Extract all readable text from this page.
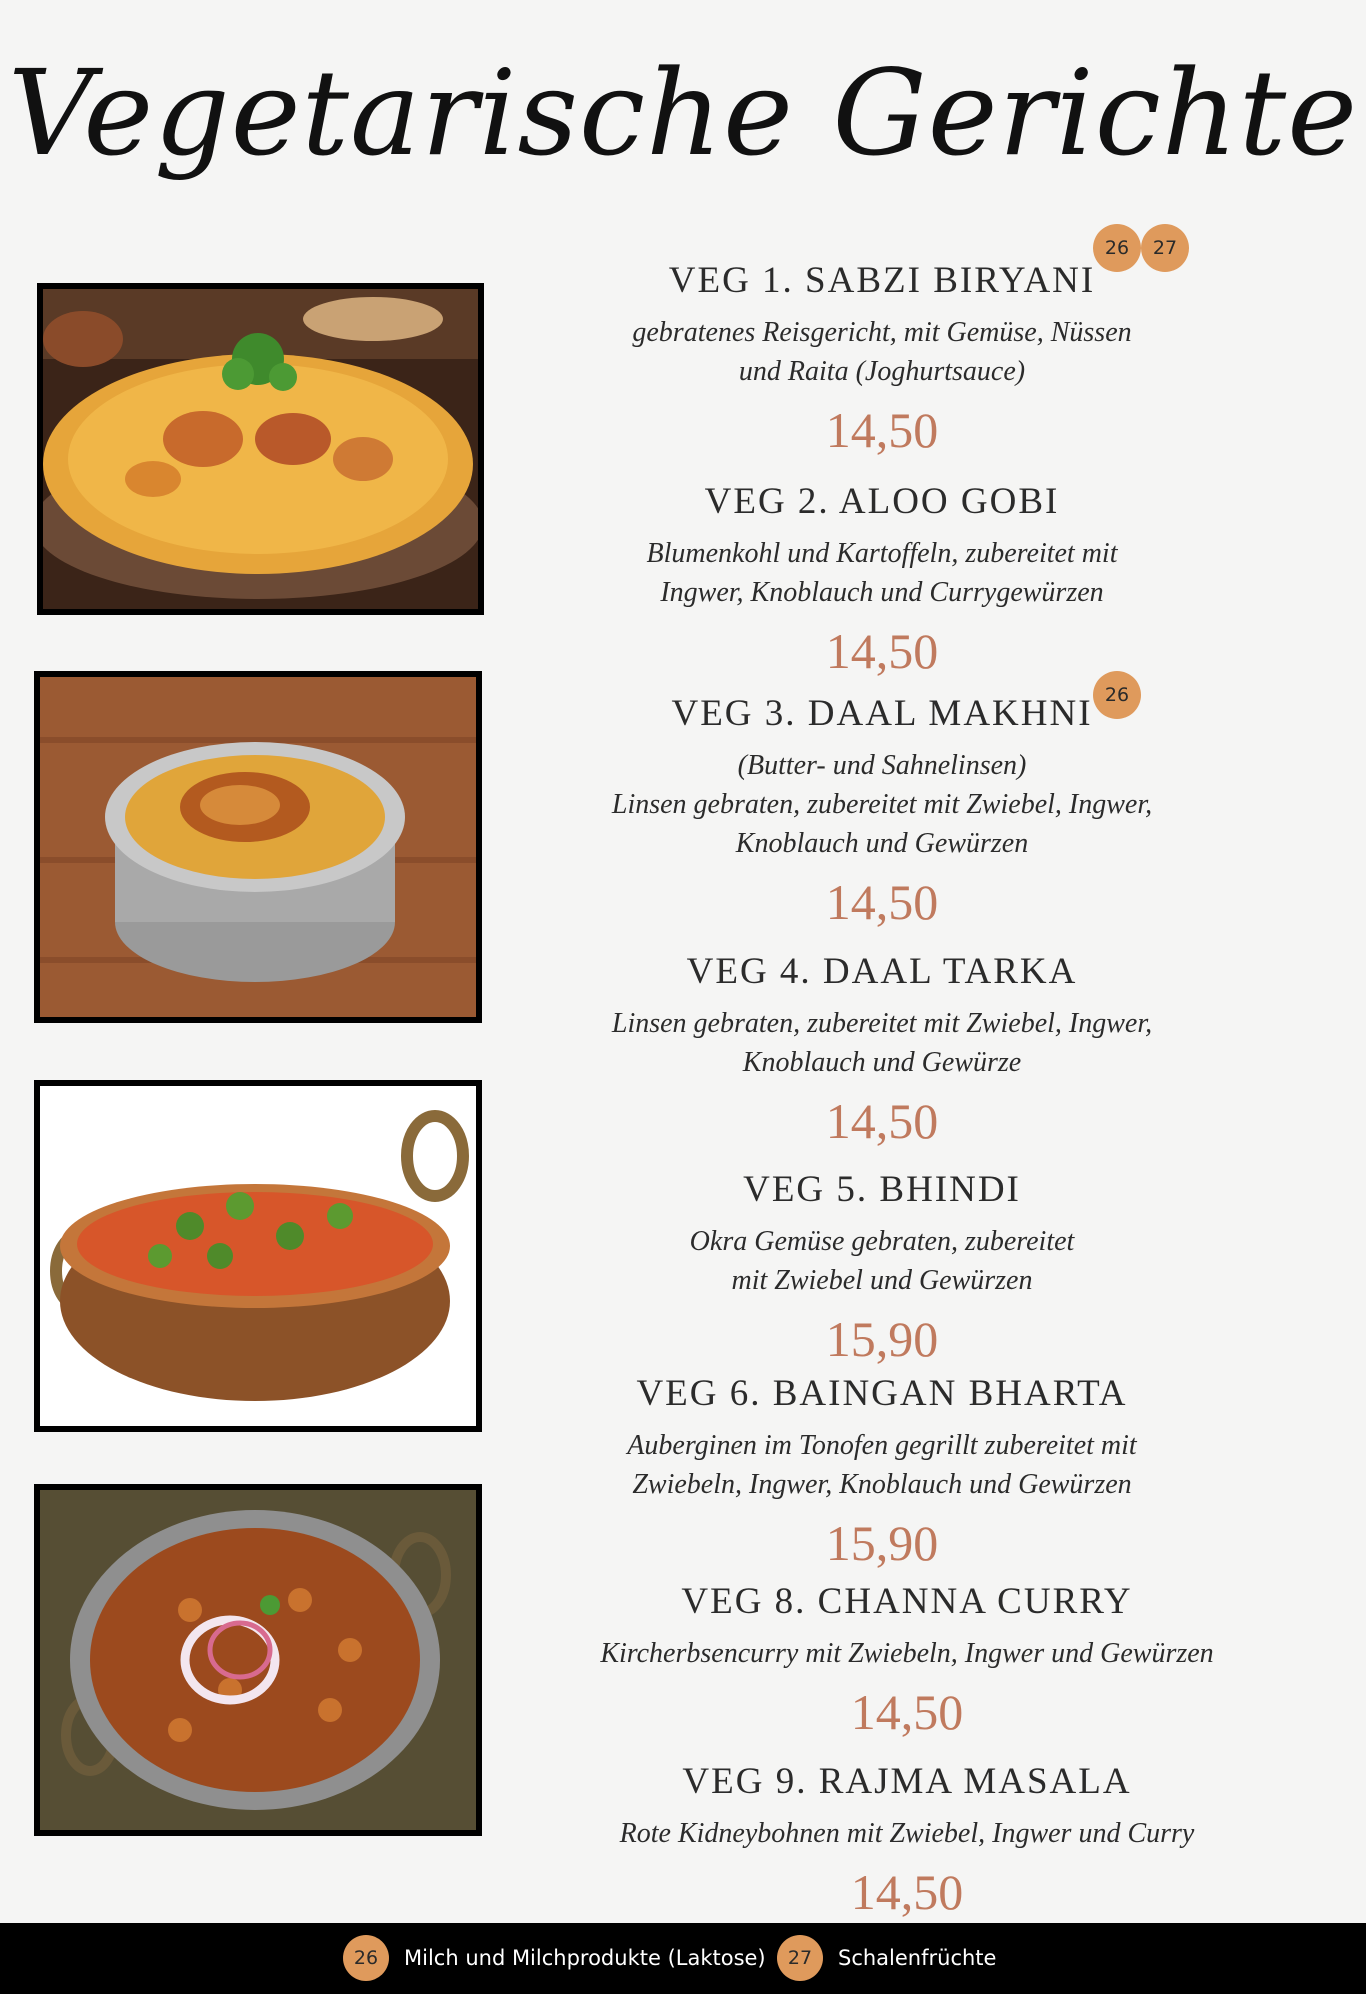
Vegetarische Gerichte
VEG 1. SABZI BIRYANI
gebratenes Reisgericht, mit Gemüse, Nüssen
und Raita (Joghurtsauce)
14,50
26	27
VEG 2. ALOO GOBI
Blumenkohl und Kartoffeln, zubereitet mit
Ingwer, Knoblauch und Currygewürzen
14,50
VEG 3. DAAL MAKHNI
(Butter- und Sahnelinsen)
Linsen gebraten, zubereitet mit Zwiebel, Ingwer,
Knoblauch und Gewürzen
14,50
26
VEG 4. DAAL TARKA
Linsen gebraten, zubereitet mit Zwiebel, Ingwer,
Knoblauch und Gewürze
14,50
VEG 5. BHINDI
Okra Gemüse gebraten, zubereitet
mit Zwiebel und Gewürzen
15,90
VEG 6. BAINGAN BHARTA
Auberginen im Tonofen gegrillt zubereitet mit
Zwiebeln, Ingwer, Knoblauch und Gewürzen
15,90
VEG 8. CHANNA CURRY
Kircherbsencurry mit Zwiebeln, Ingwer und Gewürzen
14,50
VEG 9. RAJMA MASALA
Rote Kidneybohnen mit Zwiebel, Ingwer und Curry
14,50
26	Milch und Milchprodukte (Laktose)	27	Schalenfrüchte
